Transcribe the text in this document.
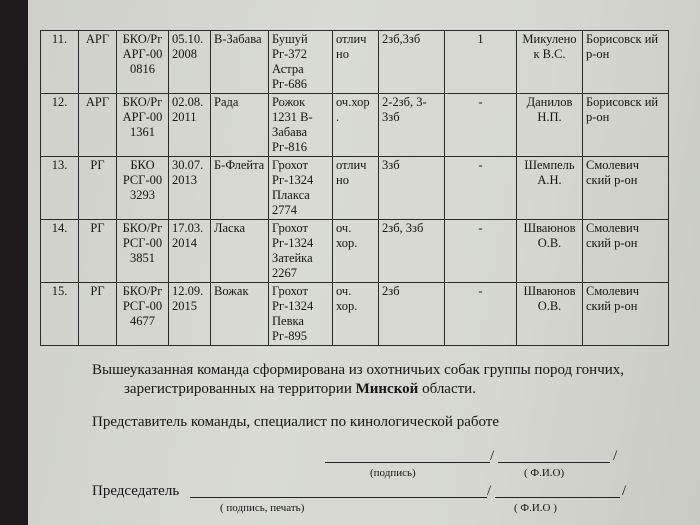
11.	АРГ	БКО/Рг АРГ-000816	05.10. 2008	В-Забава	Бушуй Рг-372 Астра Рг-686	отлич но	2зб,3зб	1	Микулено к В.С.	Борисовск ий р-он
12.	АРГ	БКО/Рг АРГ-001361	02.08. 2011	Рада	Рожок 1231 В-Забава Рг-816	оч.хор .	2-2зб, 3-3зб	-	Данилов Н.П.	Борисовск ий р-он
13.	РГ	БКО РСГ-003293	30.07. 2013	Б-Флейта	Грохот Рг-1324 Плакса 2774	отлич но	3зб	-	Шемпель А.Н.	Смолевич ский р-он
14.	РГ	БКО/Рг РСГ-003851	17.03. 2014	Ласка	Грохот Рг-1324 Затейка 2267	оч. хор.	2зб, 3зб	-	Шваюнов О.В.	Смолевич ский р-он
15.	РГ	БКО/Рг РСГ-004677	12.09. 2015	Вожак	Грохот Рг-1324 Певка Рг-895	оч. хор.	2зб	-	Шваюнов О.В.	Смолевич ский р-он
Вышеуказанная команда сформирована из охотничьих собак группы пород гончих,
зарегистрированных на территории Минской области.
Представитель команды, специалист по кинологической работе
/	/
(подпись)	( Ф.И.О)
Председатель	/	/
( подпись, печать)	( Ф.И.О )
